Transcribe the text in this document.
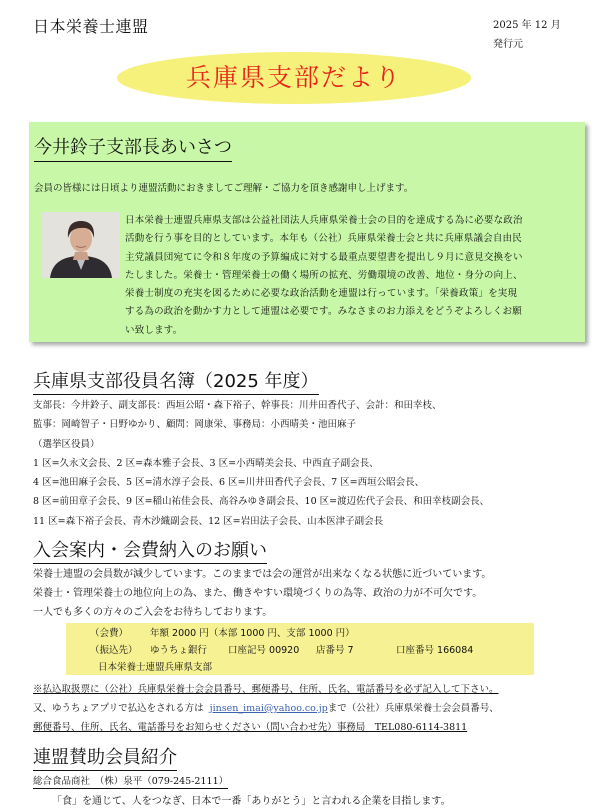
日本栄養士連盟	2025 年 12 月
発行元
兵庫県支部だより
今井鈴子支部長あいさつ
会員の皆様には日頃より連盟活動におきましてご理解・ご協力を頂き感謝申し上げます。
日本栄養士連盟兵庫県支部は公益社団法人兵庫県栄養士会の目的を達成する為に必要な政治
活動を行う事を目的としています。本年も（公社）兵庫県栄養士会と共に兵庫県議会自由民
主党議員団宛てに令和８年度の予算編成に対する最重点要望書を提出し９月に意見交換をい
たしました。栄養士・管理栄養士の働く場所の拡充、労働環境の改善、地位・身分の向上、
栄養士制度の充実を図るために必要な政治活動を連盟は行っています。「栄養政策」を実現
する為の政治を動かす力として連盟は必要です。みなさまのお力添えをどうぞよろしくお願
い致します。
兵庫県支部役員名簿（2025 年度）
支部長：今井鈴子、副支部長：西垣公昭・森下裕子、幹事長：川井田香代子、会計：和田幸枝、
監事：岡崎智子・日野ゆかり、顧問：岡康栄、事務局：小西晴美・池田麻子
（選挙区役員）
1 区=久永文会長、2 区=森本雅子会長、3 区=小西晴美会長、中西直子副会長、
4 区=池田麻子会長、5 区=清水淳子会長、6 区=川井田香代子会長、7 区=西垣公昭会長、
8 区=前田章子会長、9 区=稲山祐佳会長、高谷みゆき副会長、10 区=渡辺佐代子会長、和田幸枝副会長、
11 区=森下裕子会長、青木沙織副会長、12 区=岩田法子会長、山本医津子副会長
入会案内・会費納入のお願い
栄養士連盟の会員数が減少しています。このままでは会の運営が出来なくなる状態に近づいています。
栄養士・管理栄養士の地位向上の為、また、働きやすい環境づくりの為等、政治の力が不可欠です。
一人でも多くの方々のご入会をお待ちしております。
（会費） 年額 2000 円（本部 1000 円、支部 1000 円）
（振込先） ゆうちょ銀行 口座記号 00920 店番号 7	口座番号 166084
日本栄養士連盟兵庫県支部
※払込取扱票に（公社）兵庫県栄養士会会員番号、郵便番号、住所、氏名、電話番号を必ず記入して下さい。
又、ゆうちょアプリで払込をされる方は jinsen_imai@yahoo.co.jpまで（公社）兵庫県栄養士会会員番号、
郵便番号、住所、氏名、電話番号をお知らせください（問い合わせ先）事務局　TEL080-6114-3811
連盟賛助会員紹介
総合食品商社　（株）泉平（079-245-2111）
「食」を通じて、人をつなぎ、日本で一番「ありがとう」と言われる企業を目指します。
